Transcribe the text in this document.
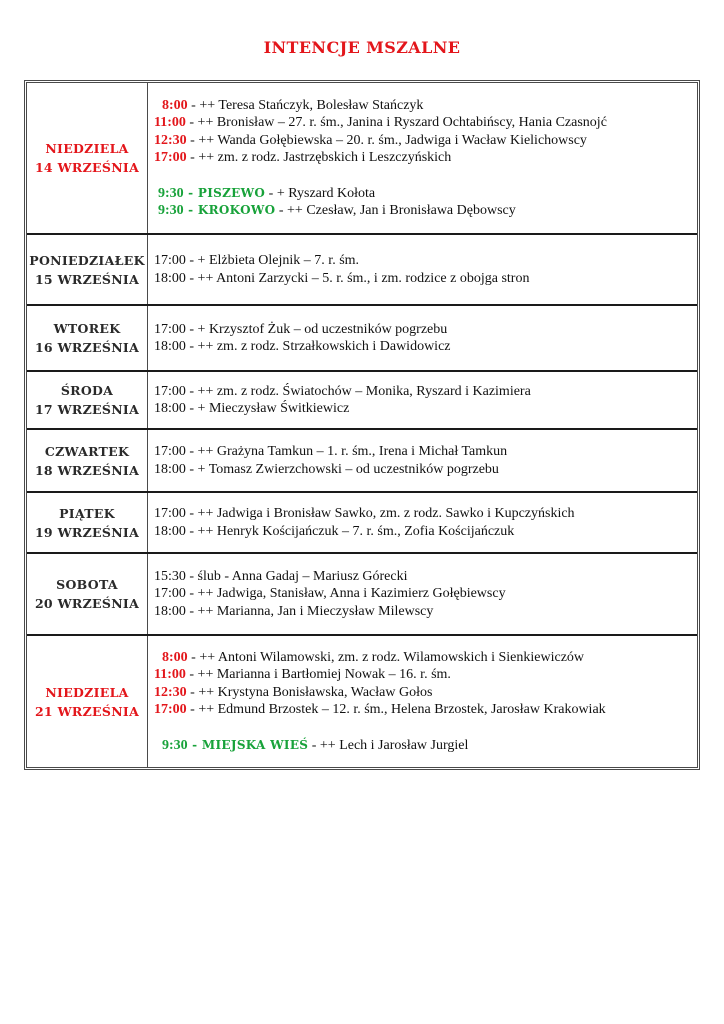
INTENCJE MSZALNE
NIEDZIELA
14 WRZEŚNIA
8:00 - ++ Teresa Stańczyk, Bolesław Stańczyk
11:00 - ++ Bronisław – 27. r. śm., Janina i Ryszard Ochtabińscy, Hania Czasnojć
12:30 - ++ Wanda Gołębiewska – 20. r. śm., Jadwiga i Wacław Kielichowscy
17:00 - ++ zm. z rodz. Jastrzębskich i Leszczyńskich
9:30 - PISZEWO - + Ryszard Kołota
9:30 - KROKOWO - ++ Czesław, Jan i Bronisława Dębowscy
PONIEDZIAŁEK
15 WRZEŚNIA
17:00 - + Elżbieta Olejnik – 7. r. śm.
18:00 - ++ Antoni Zarzycki – 5. r. śm., i zm. rodzice z obojga stron
WTOREK
16 WRZEŚNIA
17:00 - + Krzysztof Żuk – od uczestników pogrzebu
18:00 - ++ zm. z rodz. Strzałkowskich i Dawidowicz
ŚRODA
17 WRZEŚNIA
17:00 - ++ zm. z rodz. Światochów – Monika, Ryszard i Kazimiera
18:00 - + Mieczysław Świtkiewicz
CZWARTEK
18 WRZEŚNIA
17:00 - ++ Grażyna Tamkun – 1. r. śm., Irena i Michał Tamkun
18:00 - + Tomasz Zwierzchowski – od uczestników pogrzebu
PIĄTEK
19 WRZEŚNIA
17:00 - ++ Jadwiga i Bronisław Sawko, zm. z rodz. Sawko i Kupczyńskich
18:00 - ++ Henryk Kościjańczuk – 7. r. śm., Zofia Kościjańczuk
SOBOTA
20 WRZEŚNIA
15:30 - ślub - Anna Gadaj – Mariusz Górecki
17:00 - ++ Jadwiga, Stanisław, Anna i Kazimierz Gołębiewscy
18:00 - ++ Marianna, Jan i Mieczysław Milewscy
NIEDZIELA
21 WRZEŚNIA
8:00 - ++ Antoni Wilamowski, zm. z rodz. Wilamowskich i Sienkiewiczów
11:00 - ++ Marianna i Bartłomiej Nowak – 16. r. śm.
12:30 - ++ Krystyna Bonisławska, Wacław Gołos
17:00 - ++ Edmund Brzostek – 12. r. śm., Helena Brzostek, Jarosław Krakowiak
9:30 - MIEJSKA WIEŚ - ++ Lech i Jarosław Jurgiel
